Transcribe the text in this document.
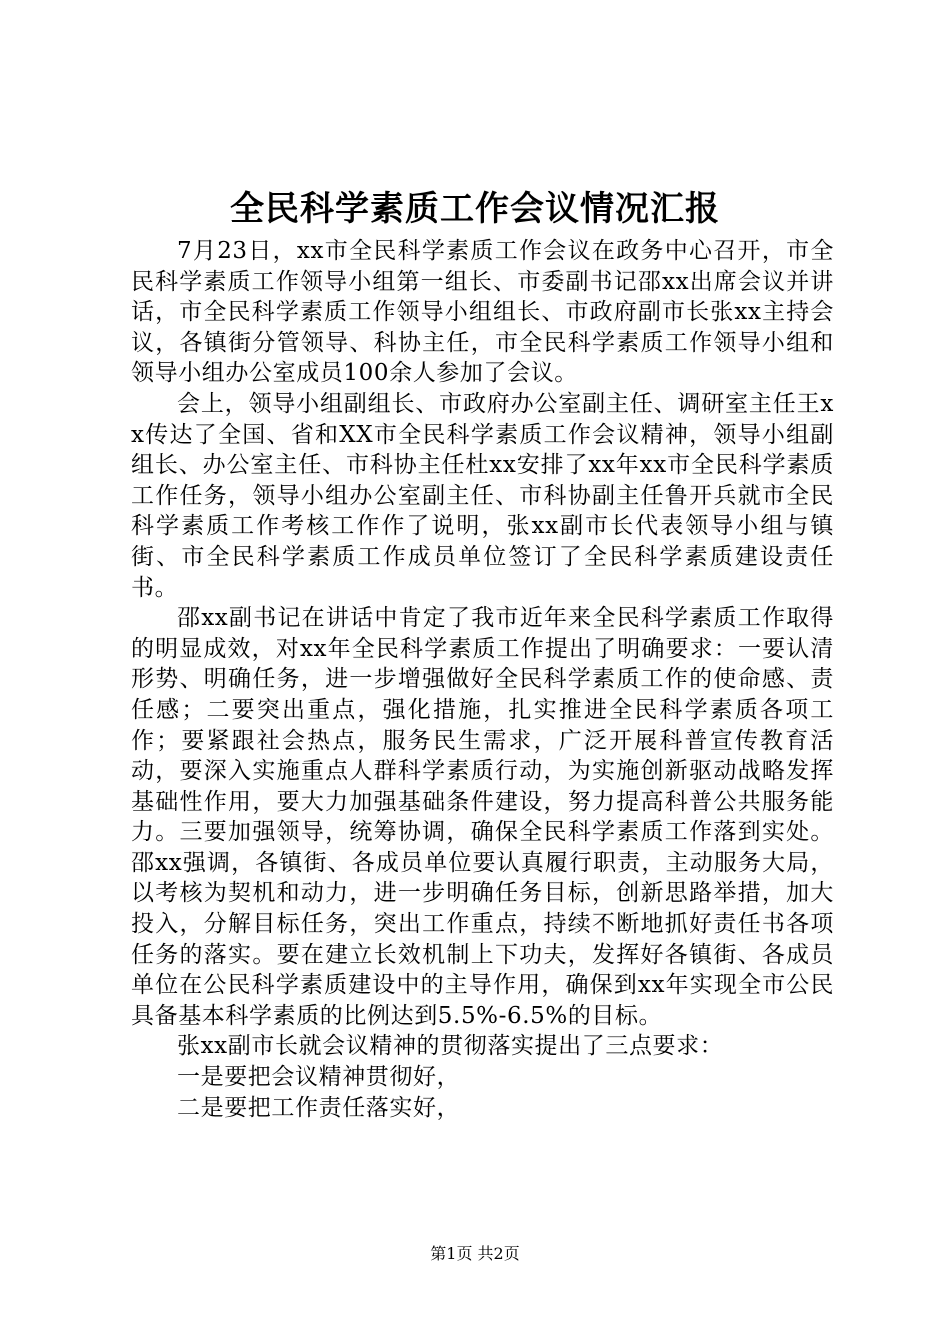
全民科学素质工作会议情况汇报

7月23日，xx市全民科学素质工作会议在政务中心召开，市全民科学素质工作领导小组第一组长、市委副书记邵xx出席会议并讲话，市全民科学素质工作领导小组组长、市政府副市长张xx主持会议，各镇街分管领导、科协主任，市全民科学素质工作领导小组和领导小组办公室成员100余人参加了会议。

会上，领导小组副组长、市政府办公室副主任、调研室主任王xx传达了全国、省和XX市全民科学素质工作会议精神，领导小组副组长、办公室主任、市科协主任杜xx安排了xx年xx市全民科学素质工作任务，领导小组办公室副主任、市科协副主任鲁开兵就市全民科学素质工作考核工作作了说明，张xx副市长代表领导小组与镇街、市全民科学素质工作成员单位签订了全民科学素质建设责任书。

邵xx副书记在讲话中肯定了我市近年来全民科学素质工作取得的明显成效，对xx年全民科学素质工作提出了明确要求：一要认清形势、明确任务，进一步增强做好全民科学素质工作的使命感、责任感；二要突出重点，强化措施，扎实推进全民科学素质各项工作；要紧跟社会热点，服务民生需求，广泛开展科普宣传教育活动，要深入实施重点人群科学素质行动，为实施创新驱动战略发挥基础性作用，要大力加强基础条件建设，努力提高科普公共服务能力。三要加强领导，统筹协调，确保全民科学素质工作落到实处。邵xx强调，各镇街、各成员单位要认真履行职责，主动服务大局，以考核为契机和动力，进一步明确任务目标，创新思路举措，加大投入，分解目标任务，突出工作重点，持续不断地抓好责任书各项任务的落实。要在建立长效机制上下功夫，发挥好各镇街、各成员单位在公民科学素质建设中的主导作用，确保到xx年实现全市公民具备基本科学素质的比例达到5.5%-6.5%的目标。

张xx副市长就会议精神的贯彻落实提出了三点要求：

一是要把会议精神贯彻好，

二是要把工作责任落实好，

第1页 共2页
